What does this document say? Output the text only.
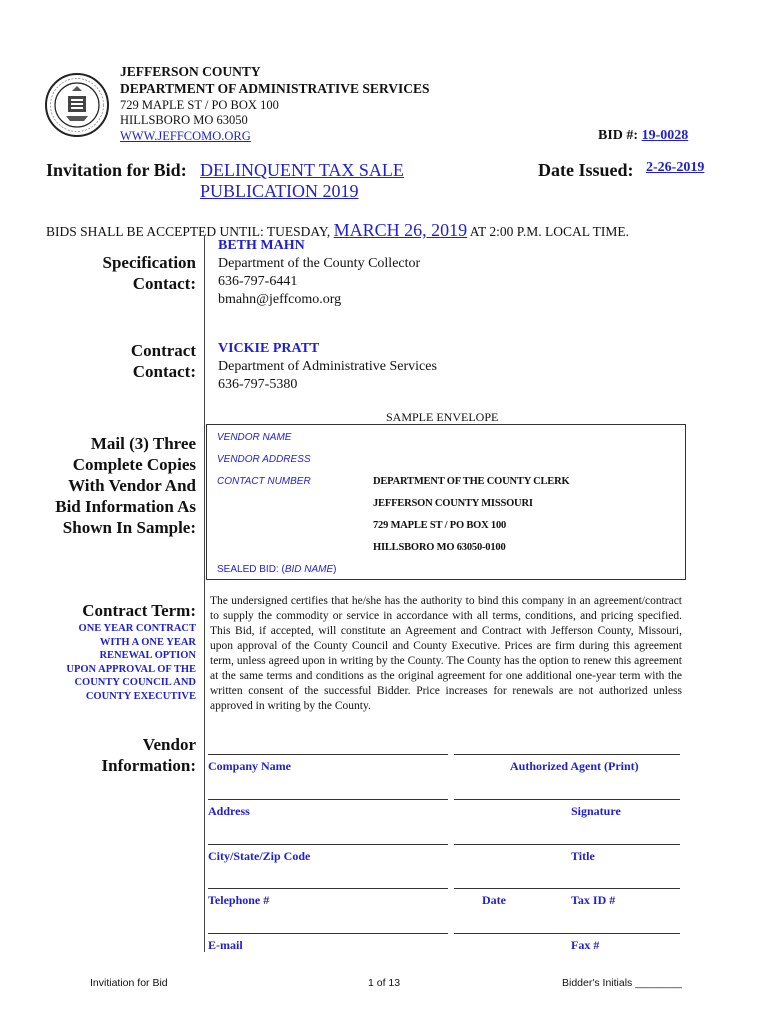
JEFFERSON COUNTY
DEPARTMENT OF ADMINISTRATIVE SERVICES
729 MAPLE ST / PO BOX 100
HILLSBORO MO 63050
WWW.JEFFCOMO.ORG	BID #: 19-0028
Invitation for Bid: DELINQUENT TAX SALE
PUBLICATION 2019
Date Issued: 2-26-2019
BIDS SHALL BE ACCEPTED UNTIL: TUESDAY, MARCH 26, 2019 AT 2:00 P.M. LOCAL TIME.
Specification
Contact:
BETH MAHN
Department of the County Collector
636-797-6441
bmahn@jeffcomo.org
Contract
Contact:
VICKIE PRATT
Department of Administrative Services
636-797-5380
Mail (3) Three
Complete Copies
With Vendor And
Bid Information As
Shown In Sample:
SAMPLE ENVELOPE
VENDOR NAME
VENDOR ADDRESS
CONTACT NUMBER	DEPARTMENT OF THE COUNTY CLERK
JEFFERSON COUNTY MISSOURI
729 MAPLE ST / PO BOX 100
HILLSBORO MO 63050-0100
SEALED BID: (BID NAME)
Contract Term:
ONE YEAR CONTRACT
WITH A ONE YEAR
RENEWAL OPTION
UPON APPROVAL OF THE
COUNTY COUNCIL AND
COUNTY EXECUTIVE
The undersigned certifies that he/she has the authority to bind this company in an agreement/contract to supply the commodity or service in accordance with all terms, conditions, and pricing specified. This Bid, if accepted, will constitute an Agreement and Contract with Jefferson County, Missouri, upon approval of the County Council and County Executive. Prices are firm during this agreement term, unless agreed upon in writing by the County. The County has the option to renew this agreement at the same terms and conditions as the original agreement for one additional one-year term with the written consent of the successful Bidder. Price increases for renewals are not authorized unless approved in writing by the County.
Vendor
Information: Company Name	Authorized Agent (Print)
Address	Signature
City/State/Zip Code	Title
Telephone #	Date	Tax ID #
E-mail	Fax #
Invitiation for Bid	1 of 13	Bidder's Initials ________
